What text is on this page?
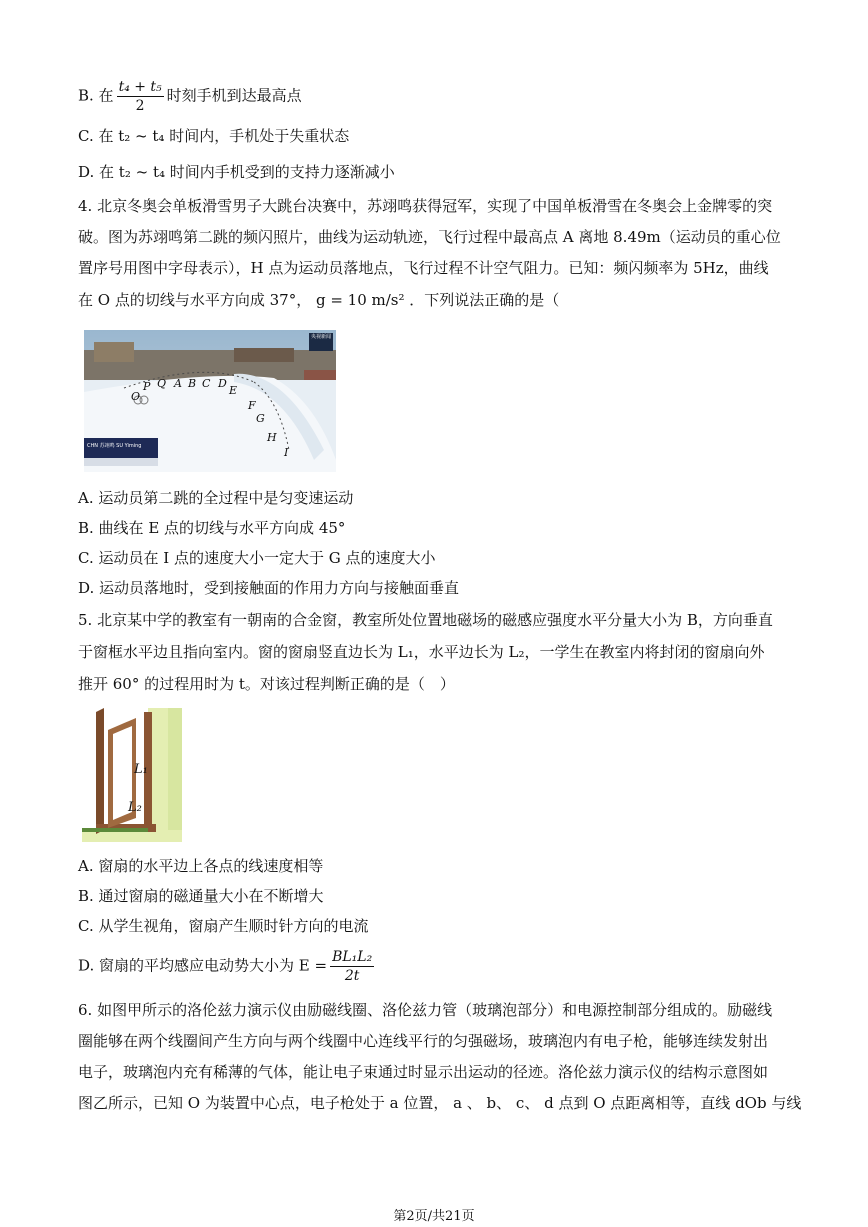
B. 在 $\frac{\text{t₄ + t₅}}{2}$ 时刻手机到达最高点
C. 在 t₂ ~ t₄ 时间内，手机处于失重状态
D. 在 t₂ ~ t₄ 时间内手机受到的支持力逐渐减小
4. 北京冬奥会单板滑雪男子大跳台决赛中，苏翊鸣获得冠军，实现了中国单板滑雪在冬奥会上金牌零的突
破。图为苏翊鸣第二跳的频闪照片，曲线为运动轨迹，飞行过程中最高点 A 离地 8.49m（运动员的重心位
置序号用图中字母表示），H 点为运动员落地点，飞行过程不计空气阻力。已知：频闪频率为 5Hz，曲线
在 O 点的切线与水平方向成 37°， g = 10 m/s² ．下列说法正确的是（
央视新闻
CHN 苏翊鸣 SU Yiming
O
P Q A B C D
E
F
G
H
I
A. 运动员第二跳的全过程中是匀变速运动
B. 曲线在 E 点的切线与水平方向成 45°
C. 运动员在 I 点的速度大小一定大于 G 点的速度大小
D. 运动员落地时，受到接触面的作用力方向与接触面垂直
5. 北京某中学的教室有一朝南的合金窗，教室所处位置地磁场的磁感应强度水平分量大小为 B，方向垂直
于窗框水平边且指向室内。窗的窗扇竖直边长为 L₁，水平边长为 L₂，一学生在教室内将封闭的窗扇向外
推开 60° 的过程用时为 t。对该过程判断正确的是（　）
L₁
L₂
A. 窗扇的水平边上各点的线速度相等
B. 通过窗扇的磁通量大小在不断增大
C. 从学生视角，窗扇产生顺时针方向的电流
D. 窗扇的平均感应电动势大小为 $E = \frac{\text{BL₁L₂}}{2t}$
6. 如图甲所示的洛伦兹力演示仪由励磁线圈、洛伦兹力管（玻璃泡部分）和电源控制部分组成的。励磁线
圈能够在两个线圈间产生方向与两个线圈中心连线平行的匀强磁场，玻璃泡内有电子枪，能够连续发射出
电子，玻璃泡内充有稀薄的气体，能让电子束通过时显示出运动的径迹。洛伦兹力演示仪的结构示意图如
图乙所示，已知 O 为装置中心点，电子枪处于 a 位置， a 、 b、 c、 d 点到 O 点距离相等，直线 dOb 与线
第2页/共21页
